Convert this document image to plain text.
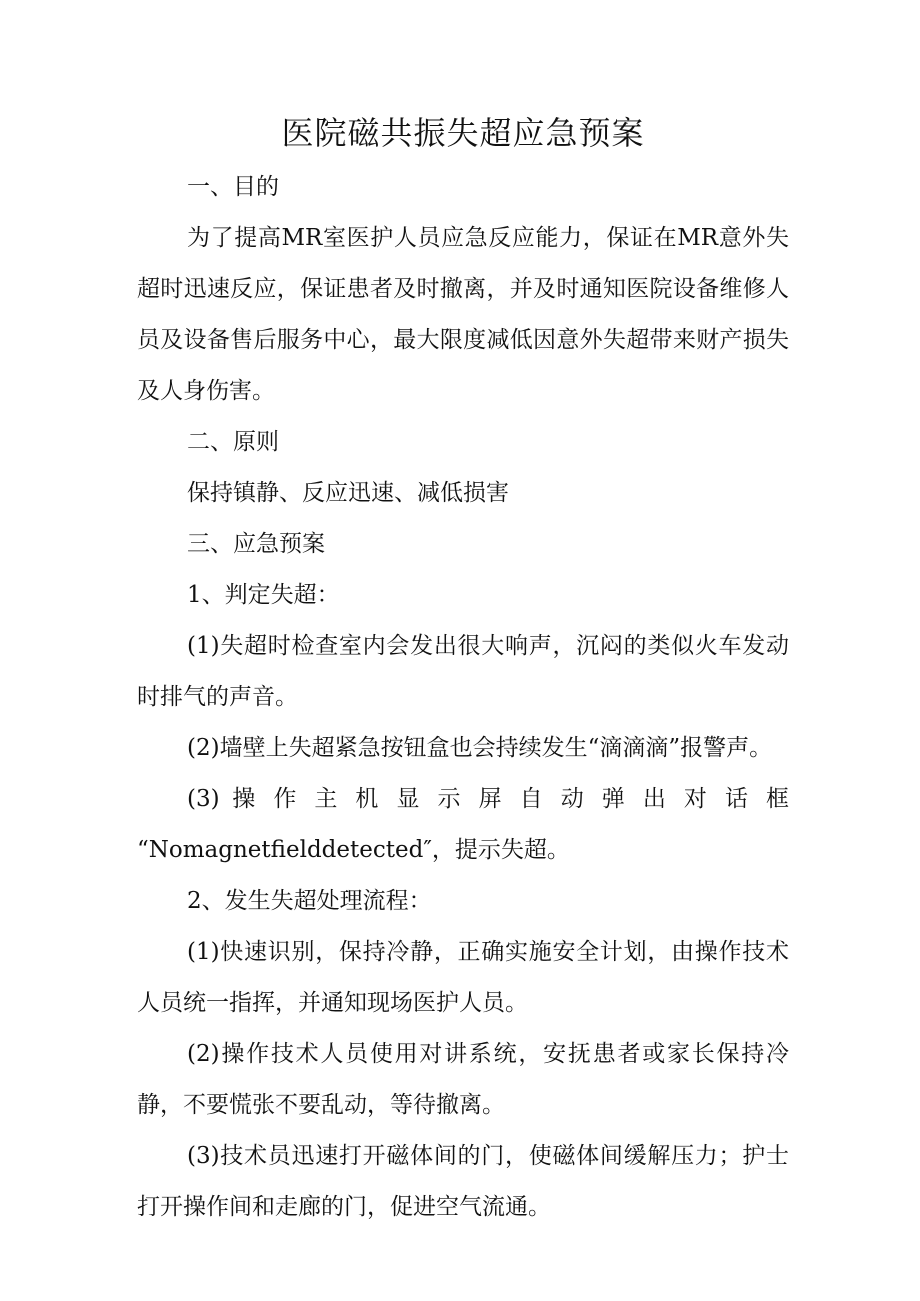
医院磁共振失超应急预案

一、目的

为了提高MR室医护人员应急反应能力，保证在MR意外失超时迅速反应，保证患者及时撤离，并及时通知医院设备维修人员及设备售后服务中心，最大限度减低因意外失超带来财产损失及人身伤害。

二、原则

保持镇静、反应迅速、减低损害

三、应急预案

1、判定失超：

(1)失超时检查室内会发出很大响声，沉闷的类似火车发动时排气的声音。

(2)墙壁上失超紧急按钮盒也会持续发生“滴滴滴”报警声。

(3) 操 作 主 机 显 示 屏 自 动 弹 出 对 话 框

“Nomagnetfielddetected″，提示失超。

2、发生失超处理流程：

(1)快速识别，保持冷静，正确实施安全计划，由操作技术人员统一指挥，并通知现场医护人员。

(2)操作技术人员使用对讲系统，安抚患者或家长保持冷静，不要慌张不要乱动，等待撤离。

(3)技术员迅速打开磁体间的门，使磁体间缓解压力；护士打开操作间和走廊的门，促进空气流通。
